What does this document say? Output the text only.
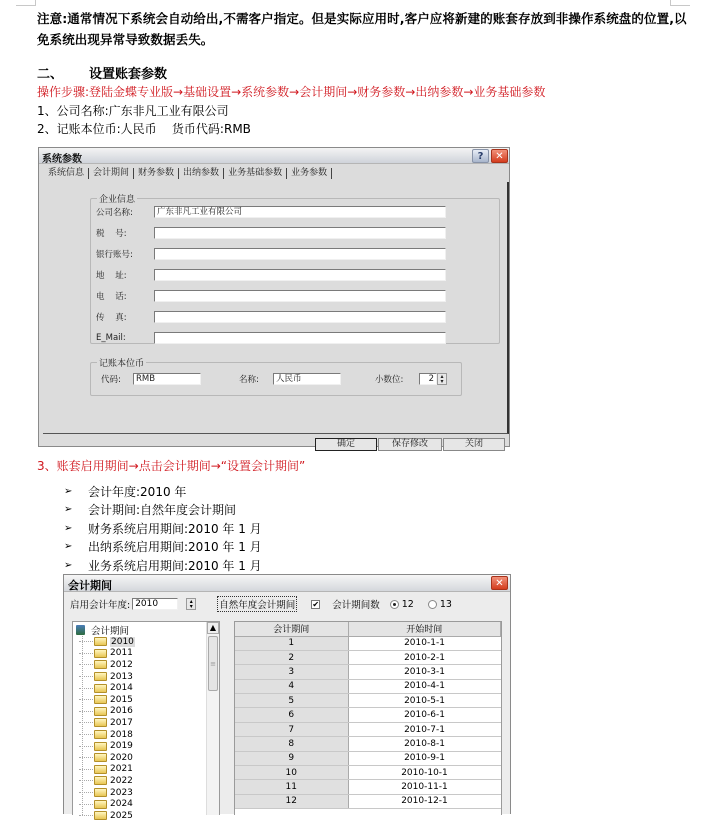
注意:通常情况下系统会自动给出,不需客户指定。但是实际应用时,客户应将新建的账套存放到非操作系统盘的位置,以免系统出现异常导致数据丢失。

二、 设置账套参数
操作步骤:登陆金蝶专业版→基础设置→系统参数→会计期间→财务参数→出纳参数→业务基础参数
1、公司名称:广东非凡工业有限公司
2、记账本位币:人民币    货币代码:RMB
系统参数	?	✕
系统信息	会计期间	财务参数	出纳参数	业务基础参数	业务参数
企业信息
公司名称:	广东非凡工业有限公司
税    号:
银行账号:
地    址:
电    话:
传    真:
E_Mail:
记账本位币
代码:	RMB	名称:	人民币	小数位:	2	▴
▾
确定	保存修改	关闭
3、账套启用期间→点击会计期间→“设置会计期间”
➢	会计年度:2010 年
➢	会计期间:自然年度会计期间
➢	财务系统启用期间:2010 年 1 月
➢	出纳系统启用期间:2010 年 1 月
➢	业务系统启用期间:2010 年 1 月
会计期间	✕
启用会计年度: 2010	▴
▾	自然年度会计期间 ✔ 会计期间数 12	13
会计期间
2010
2011
2012
2013
2014
2015
2016
2017
2018
2019
2020
2021
2022
2023
2024
2025
▲
≡
会计期间	开始时间
1	2010-1-1
2	2010-2-1
3	2010-3-1
4	2010-4-1
5	2010-5-1
6	2010-6-1
7	2010-7-1
8	2010-8-1
9	2010-9-1
10	2010-10-1
11	2010-11-1
12	2010-12-1
